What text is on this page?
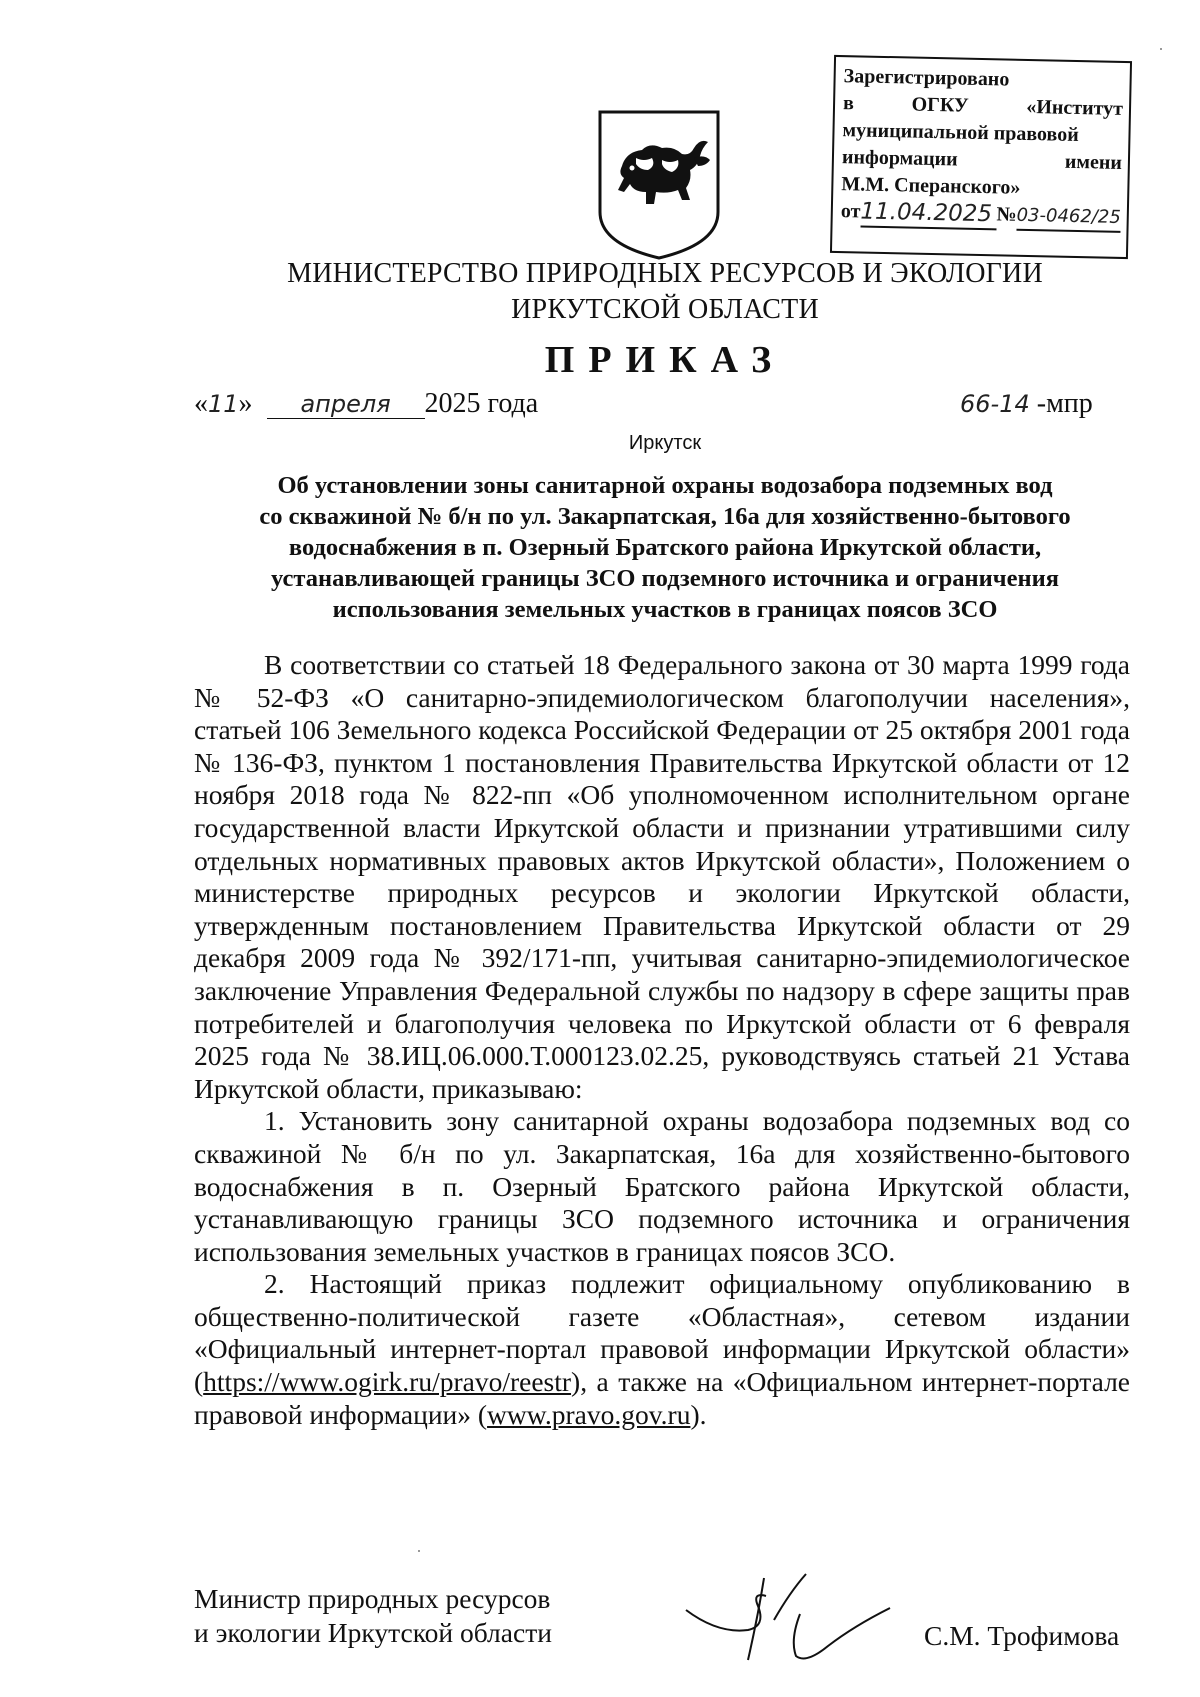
Зарегистрировано
в	ОГКУ	«Институт
муниципальной правовой
информации	имени
М.М. Сперанского»
от 11.04.2025 № 03-0462/25
МИНИСТЕРСТВО ПРИРОДНЫХ РЕСУРСОВ И ЭКОЛОГИИ
ИРКУТСКОЙ ОБЛАСТИ
ПРИКАЗ
« 11 »	апреля	2025 года	66-14 -мпр
Иркутск
Об установлении зоны санитарной охраны водозабора подземных вод
со скважиной № б/н по ул. Закарпатская, 16а для хозяйственно-бытового
водоснабжения в п. Озерный Братского района Иркутской области,
устанавливающей границы ЗСО подземного источника и ограничения
использования земельных участков в границах поясов ЗСО

В соответствии со статьей 18 Федерального закона от 30 марта 1999 года № 52-ФЗ «О санитарно-эпидемиологическом благополучии населения», статьей 106 Земельного кодекса Российской Федерации от 25 октября 2001 года № 136-ФЗ, пунктом 1 постановления Правительства Иркутской области от 12 ноября 2018 года № 822-пп «Об уполномоченном исполнительном органе государственной власти Иркутской области и признании утратившими силу отдельных нормативных правовых актов Иркутской области», Положением о министерстве природных ресурсов и экологии Иркутской области, утвержденным постановлением Правительства Иркутской области от 29 декабря 2009 года № 392/171-пп, учитывая санитарно-эпидемиологическое заключение Управления Федеральной службы по надзору в сфере защиты прав потребителей и благополучия человека по Иркутской области от 6 февраля 2025 года № 38.ИЦ.06.000.Т.000123.02.25, руководствуясь статьей 21 Устава Иркутской области, приказываю:

1. Установить зону санитарной охраны водозабора подземных вод со скважиной № б/н по ул. Закарпатская, 16а для хозяйственно-бытового водоснабжения в п. Озерный Братского района Иркутской области, устанавливающую границы ЗСО подземного источника и ограничения использования земельных участков в границах поясов ЗСО.

2. Настоящий приказ подлежит официальному опубликованию в общественно-политической газете «Областная», сетевом издании «Официальный интернет-портал правовой информации Иркутской области» (https://www.ogirk.ru/pravo/reestr), а также на «Официальном интернет-портале правовой информации» (www.pravo.gov.ru).

Министр природных ресурсов
и экологии Иркутской области	С.М. Трофимова
